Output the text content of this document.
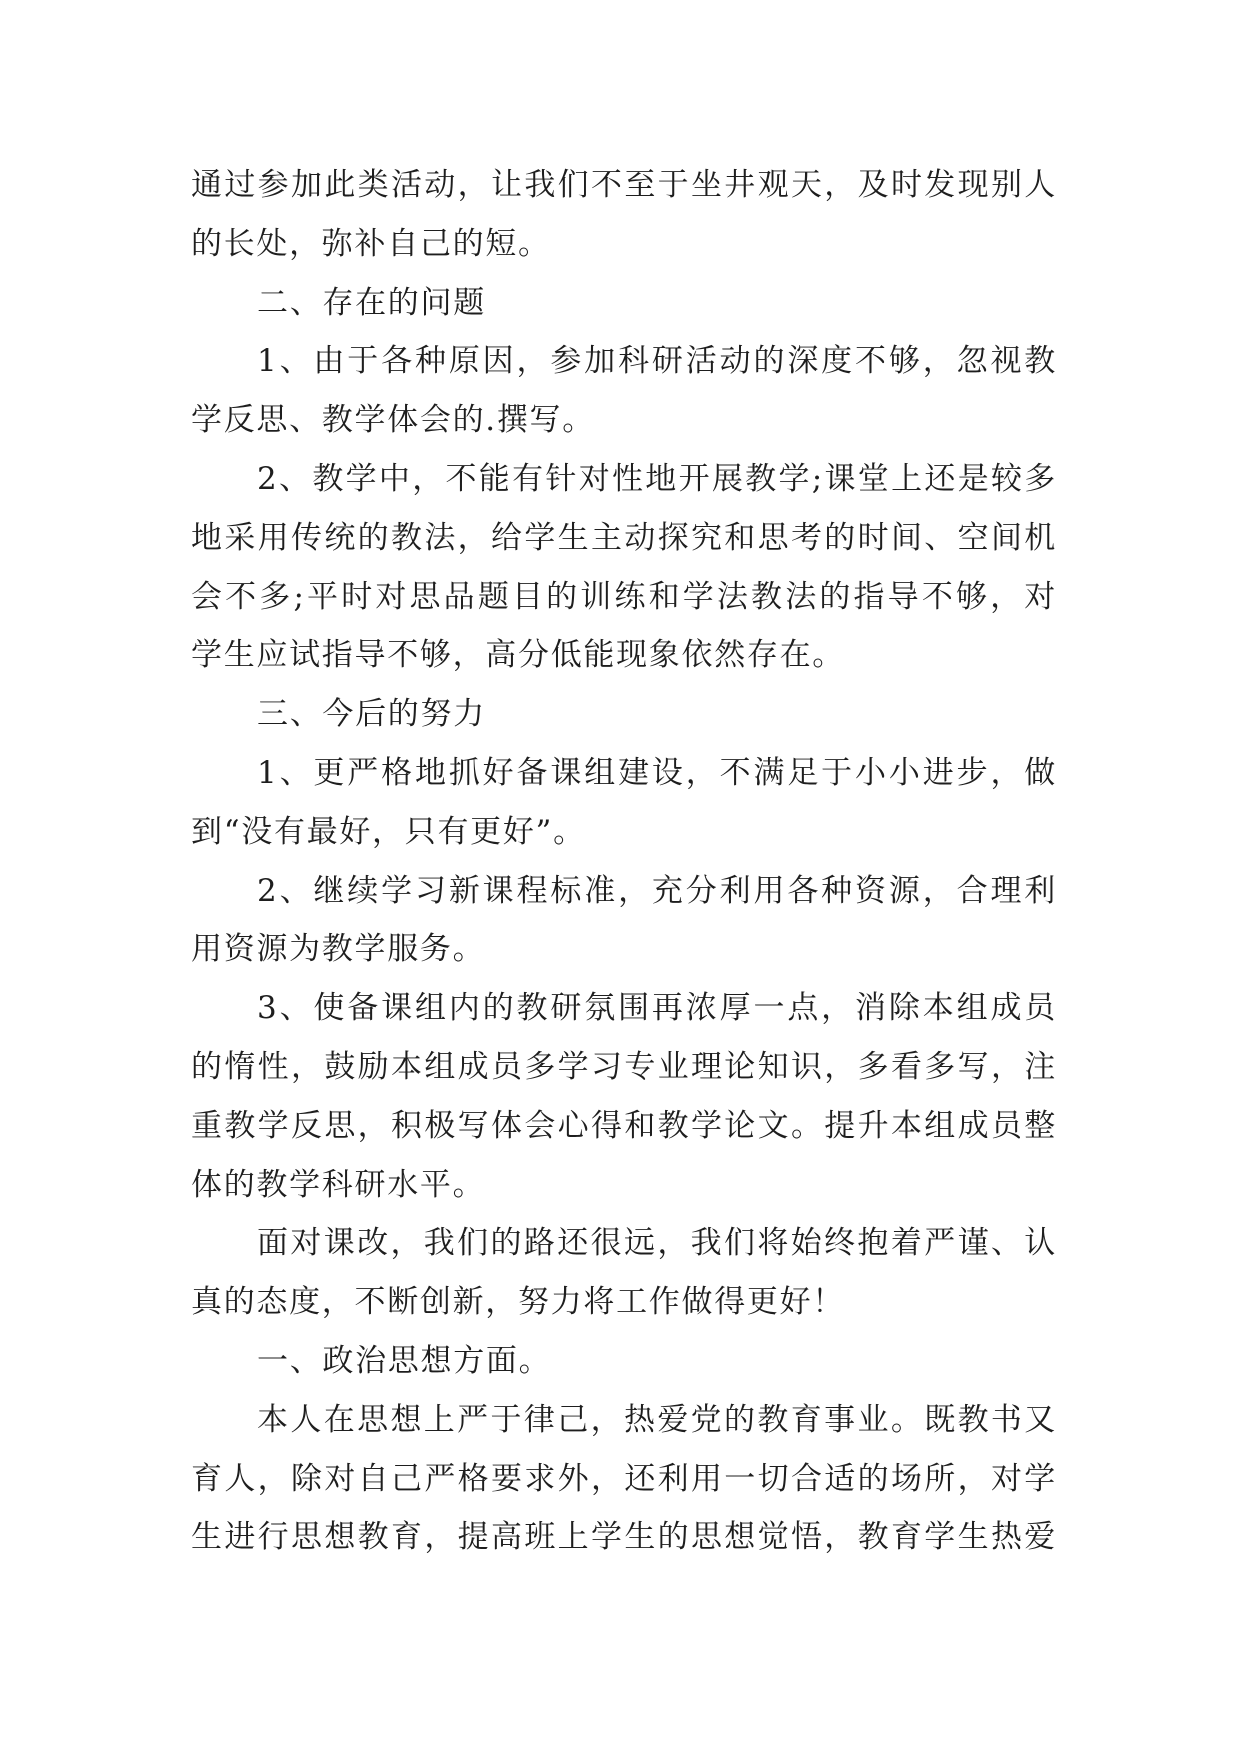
通过参加此类活动，让我们不至于坐井观天，及时发现别人
的长处，弥补自己的短。
二、存在的问题
1、由于各种原因，参加科研活动的深度不够，忽视教
学反思、教学体会的.撰写。
2、教学中，不能有针对性地开展教学;课堂上还是较多
地采用传统的教法，给学生主动探究和思考的时间、空间机
会不多;平时对思品题目的训练和学法教法的指导不够，对
学生应试指导不够，高分低能现象依然存在。
三、今后的努力
1、更严格地抓好备课组建设，不满足于小小进步，做
到“没有最好，只有更好”。
2、继续学习新课程标准，充分利用各种资源，合理利
用资源为教学服务。
3、使备课组内的教研氛围再浓厚一点，消除本组成员
的惰性，鼓励本组成员多学习专业理论知识，多看多写，注
重教学反思，积极写体会心得和教学论文。提升本组成员整
体的教学科研水平。
面对课改，我们的路还很远，我们将始终抱着严谨、认
真的态度，不断创新，努力将工作做得更好！
一、政治思想方面。
本人在思想上严于律己，热爱党的教育事业。既教书又
育人，除对自己严格要求外，还利用一切合适的场所，对学
生进行思想教育，提高班上学生的思想觉悟，教育学生热爱
